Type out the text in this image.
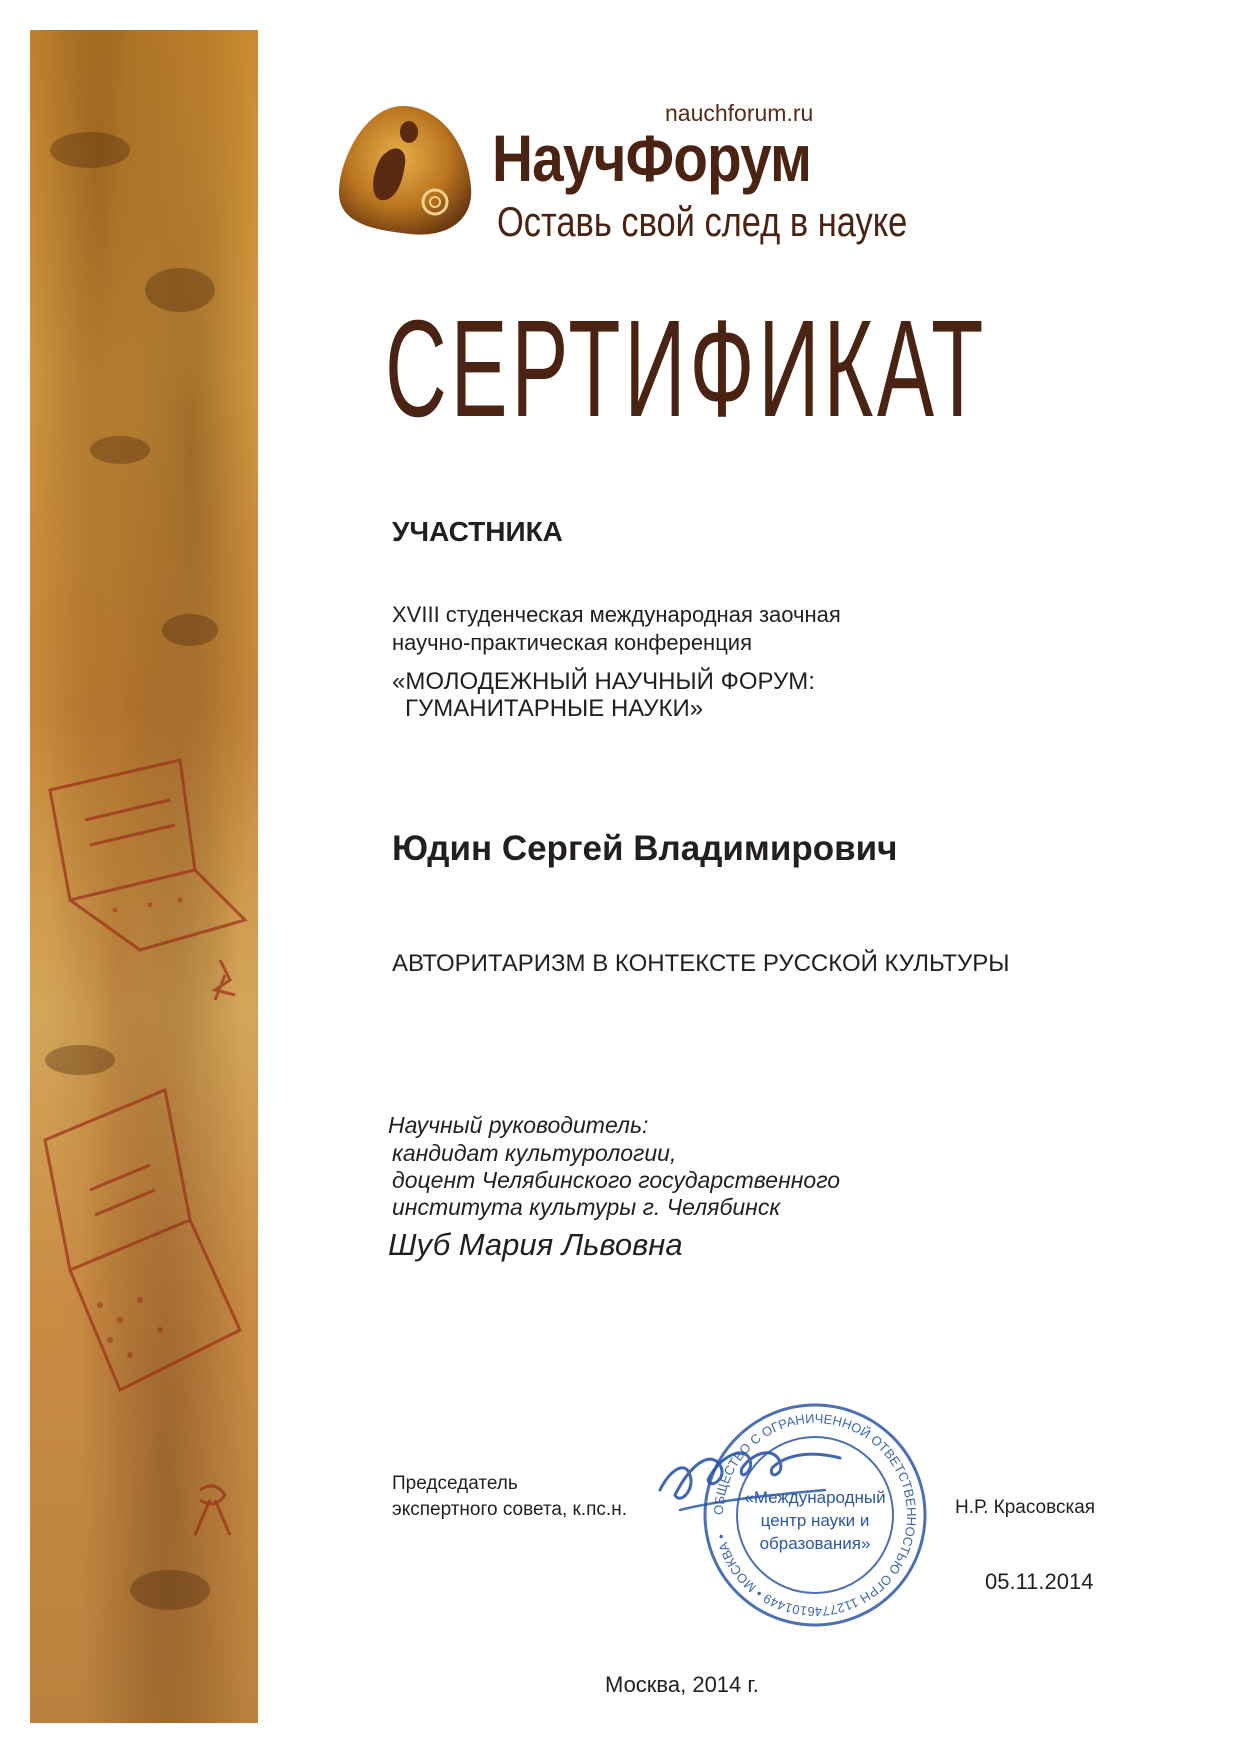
nauchforum.ru
НаучФорум
Оставь свой след в науке
СЕРТИФИКАТ
УЧАСТНИКА
XVIII студенческая международная заочная
научно-практическая конференция
«МОЛОДЕЖНЫЙ НАУЧНЫЙ ФОРУМ:
ГУМАНИТАРНЫЕ НАУКИ»
Юдин Сергей Владимирович
АВТОРИТАРИЗМ В КОНТЕКСТЕ РУССКОЙ КУЛЬТУРЫ
Научный руководитель:
кандидат культурологии,
доцент Челябинского государственного
института культуры г. Челябинск
Шуб Мария Львовна
Председатель
экспертного совета, к.пс.н.	Н.Р. Красовская
ОБЩЕСТВО С ОГРАНИЧЕННОЙ ОТВЕТСТВЕННОСТЬЮ ОГРН 1127746101449 • МОСКВА •
«Международный
центр науки и
образования»
05.11.2014
Москва, 2014 г.
